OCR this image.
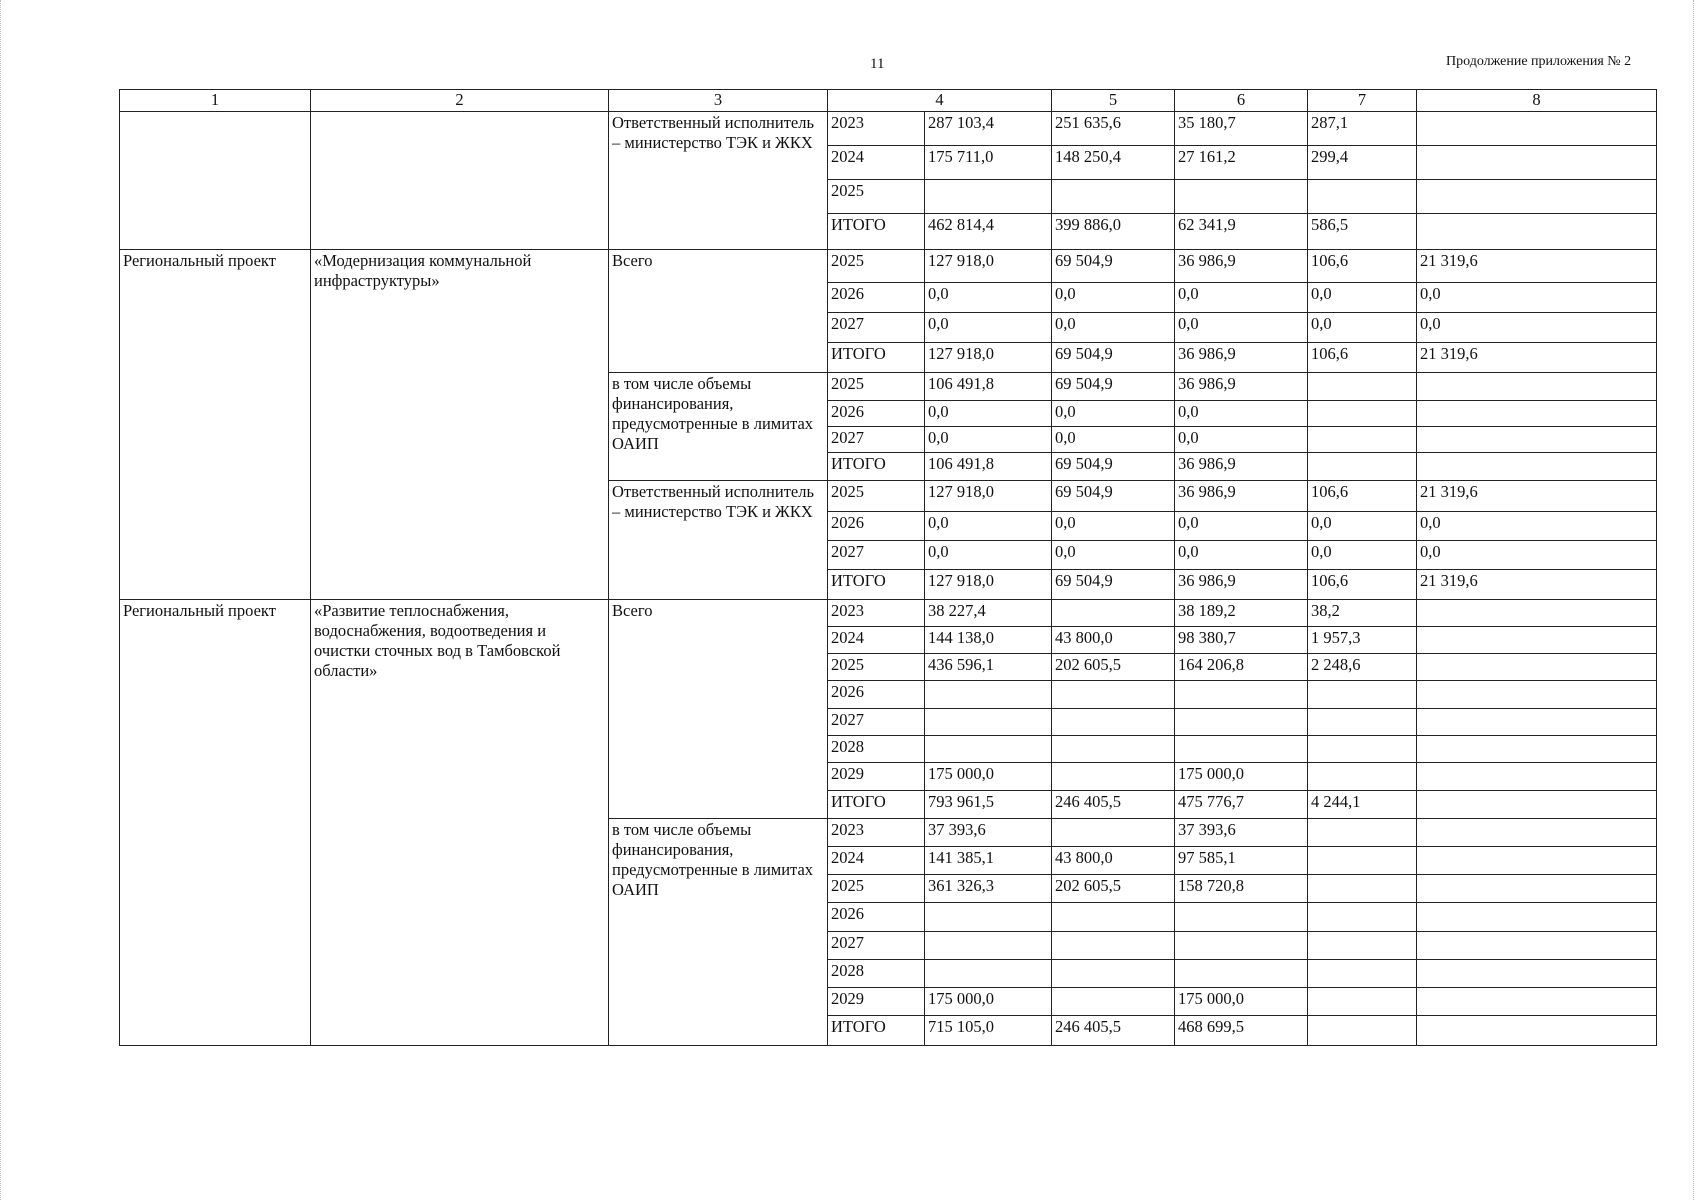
11	Продолжение приложения № 2
1	2	3	4		5	6	7	8
		Ответственный исполнитель – министерство ТЭК и ЖКХ	2023	287 103,4	251 635,6	35 180,7	287,1	
			2024	175 711,0	148 250,4	27 161,2	299,4	
			2025					
			ИТОГО	462 814,4	399 886,0	62 341,9	586,5	
Региональный проект	«Модернизация коммунальной инфраструктуры»	Всего	2025	127 918,0	69 504,9	36 986,9	106,6	21 319,6
			2026	0,0	0,0	0,0	0,0	0,0
			2027	0,0	0,0	0,0	0,0	0,0
			ИТОГО	127 918,0	69 504,9	36 986,9	106,6	21 319,6
		в том числе объемы финансирования, предусмотренные в лимитах ОАИП	2025	106 491,8	69 504,9	36 986,9		
			2026	0,0	0,0	0,0		
			2027	0,0	0,0	0,0		
			ИТОГО	106 491,8	69 504,9	36 986,9		
		Ответственный исполнитель – министерство ТЭК и ЖКХ	2025	127 918,0	69 504,9	36 986,9	106,6	21 319,6
			2026	0,0	0,0	0,0	0,0	0,0
			2027	0,0	0,0	0,0	0,0	0,0
			ИТОГО	127 918,0	69 504,9	36 986,9	106,6	21 319,6
Региональный проект	«Развитие теплоснабжения, водоснабжения, водоотведения и очистки сточных вод в Тамбовской области»	Всего	2023	38 227,4		38 189,2	38,2	
			2024	144 138,0	43 800,0	98 380,7	1 957,3	
			2025	436 596,1	202 605,5	164 206,8	2 248,6	
			2026					
			2027					
			2028					
			2029	175 000,0		175 000,0		
			ИТОГО	793 961,5	246 405,5	475 776,7	4 244,1	
		в том числе объемы финансирования, предусмотренные в лимитах ОАИП	2023	37 393,6		37 393,6		
			2024	141 385,1	43 800,0	97 585,1		
			2025	361 326,3	202 605,5	158 720,8		
			2026					
			2027					
			2028					
			2029	175 000,0		175 000,0		
			ИТОГО	715 105,0	246 405,5	468 699,5		
